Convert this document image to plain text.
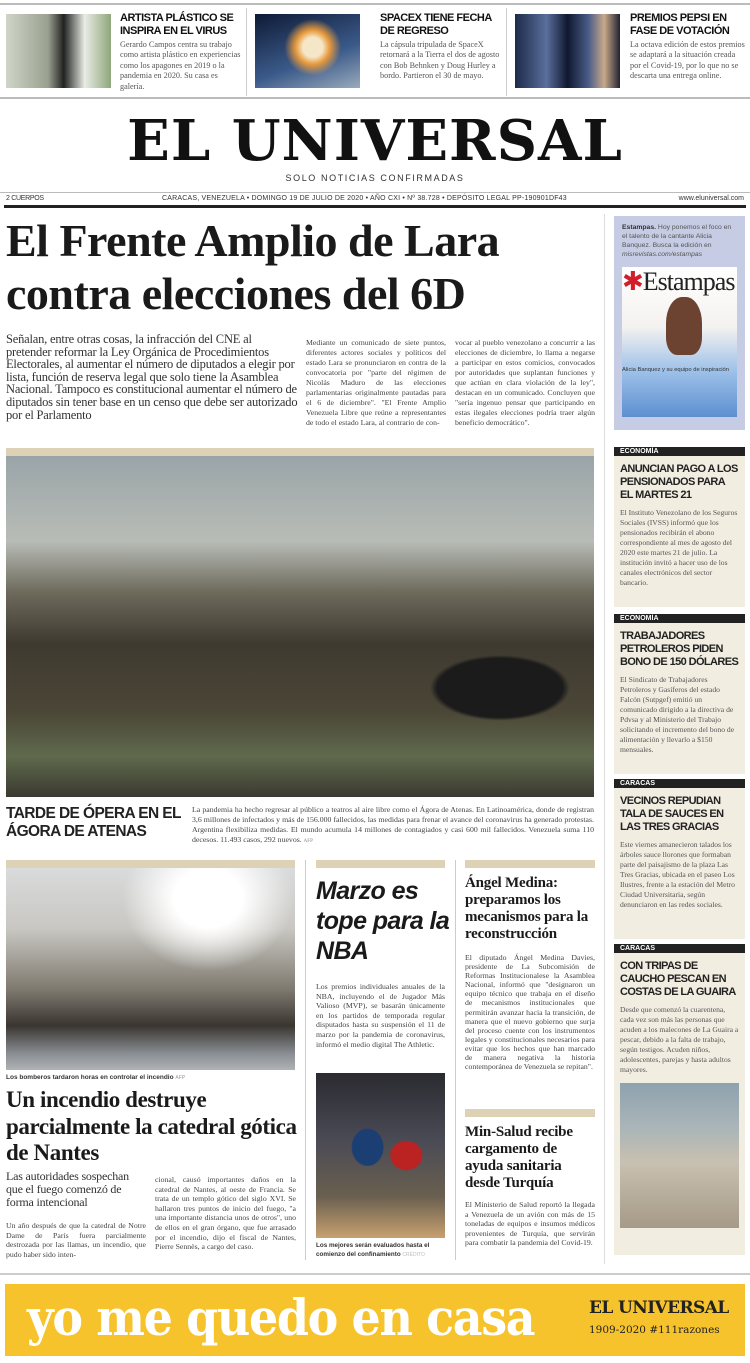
ARTISTA PLÁSTICO SE INSPIRA EN EL VIRUS

Gerardo Campos centra su trabajo como artista plástico en experiencias como los apagones en 2019 o la pandemia en 2020. Su casa es galería.

SPACEX TIENE FECHA DE REGRESO

La cápsula tripulada de SpaceX retornará a la Tierra el dos de agosto con Bob Behnken y Doug Hurley a bordo. Partieron el 30 de mayo.

PREMIOS PEPSI EN FASE DE VOTACIÓN

La octava edición de estos premios se adaptará a la situación creada por el Covid-19, por lo que no se descarta una entrega online.

EL UNIVERSAL
SOLO NOTICIAS CONFIRMADAS
2 CUERPOS	CARACAS, VENEZUELA • DOMINGO 19 DE JULIO DE 2020 • AÑO CXI • Nº 38.728 • DEPÓSITO LEGAL PP-190901DF43	www.eluniversal.com
El Frente Amplio de Lara contra elecciones del 6D

Señalan, entre otras cosas, la infracción del CNE al pretender reformar la Ley Orgánica de Procedimientos Electorales, al aumentar el número de diputados a elegir por lista, función de reserva legal que solo tiene la Asamblea Nacional. Tampoco es constitucional aumentar el número de diputados sin tener base en un censo que debe ser autorizado por el Parlamento

Mediante un comunicado de siete puntos, diferentes actores sociales y políticos del estado Lara se pronunciaron en contra de la convocatoria por "parte del régimen de Nicolás Maduro de las elecciones parlamentarias originalmente pautadas para el 6 de diciembre". "El Frente Amplio Venezuela Libre que reúne a representantes de todo el estado Lara, al contrario de con-

vocar al pueblo venezolano a concurrir a las elecciones de diciembre, lo llama a negarse a participar en estos comicios, convocados por autoridades que suplantan funciones y que actúan en clara violación de la ley", destacan en un comunicado. Concluyen que "sería ingenuo pensar que participando en estas ilegales elecciones podría traer algún beneficio democrático".

TARDE DE ÓPERA EN EL ÁGORA DE ATENAS

La pandemia ha hecho regresar al público a teatros al aire libre como el Ágora de Atenas. En Latinoamérica, donde de registran 3,6 millones de infectados y más de 156.000 fallecidos, las medidas para frenar el avance del coronavirus ha generado protestas. Argentina flexibiliza medidas. El mundo acumula 14 millones de contagiados y casi 600 mil fallecidos. Venezuela suma 110 decesos. 11.493 casos, 292 nuevos. AFP

Los bomberos tardaron horas en controlar el incendio AFP
Un incendio destruye parcialmente la catedral gótica de Nantes

Las autoridades sospechan que el fuego comenzó de forma intencional

Un año después de que la catedral de Notre Dame de París fuera parcialmente destrozada por las llamas, un incendio, que pudo haber sido inten-

cional, causó importantes daños en la catedral de Nantes, al oeste de Francia. Se trata de un templo gótico del siglo XVI. Se hallaron tres puntos de inicio del fuego, "a una importante distancia unos de otros", uno de ellos en el gran órgano, que fue arrasado por el incendio, dijo el fiscal de Nantes, Pierre Sennès, a cargo del caso.

Marzo es tope para la NBA

Los premios individuales anuales de la NBA, incluyendo el de Jugador Más Valioso (MVP), se basarán únicamente en los partidos de temporada regular disputados hasta su suspensión el 11 de marzo por la pandemia de coronavirus, informó el medio digital The Athletic.

Los mejores serán evaluados hasta el comienzo del confinamiento CRÉDITO

Ángel Medina: preparamos los mecanismos para la reconstrucción

El diputado Ángel Medina Davies, presidente de La Subcomisión de Reformas Institucionalese la Asamblea Nacional, informó que "designaron un equipo técnico que trabaja en el diseño de mecanismos institucionales que permitirán avanzar hacia la transición, de manera que el nuevo gobierno que surja del proceso cuente con los instrumentos legales y constitucionales necesarios para evitar que los hechos que han marcado de manera negativa la historia contemporánea de Venezuela se repitan".

Min-Salud recibe cargamento de ayuda sanitaria desde Turquía

El Ministerio de Salud reportó la llegada a Venezuela de un avión con más de 15 toneladas de equipos e insumos médicos provenientes de Turquía, que servirán para combatir la pandemia del Covid-19.

Estampas. Hoy ponemos el foco en el talento de la cantante Alicia Banquez. Busca la edición en misrevistas.com/estampas

✱Estampas
Alicia Banquez y su equipo de inspiración
ECONOMÍA
ANUNCIAN PAGO A LOS PENSIONADOS PARA EL MARTES 21

El Instituto Venezolano de los Seguros Sociales (IVSS) informó que los pensionados recibirán el abono correspondiente al mes de agosto del 2020 este martes 21 de julio. La institución invitó a hacer uso de los canales electrónicos del sector bancario.

ECONOMÍA
TRABAJADORES PETROLEROS PIDEN BONO DE 150 DÓLARES

El Sindicato de Trabajadores Petroleros y Gasíferos del estado Falcón (Sutpgef) emitió un comunicado dirigido a la directiva de Pdvsa y al Ministerio del Trabajo solicitando el incremento del bono de alimentación y llevarlo a $150 mensuales.

CARACAS
VECINOS REPUDIAN TALA DE SAUCES EN LAS TRES GRACIAS

Este viernes amanecieron talados los árboles sauce llorones que formaban parte del paisajismo de la plaza Las Tres Gracias, ubicada en el paseo Los Ilustres, frente a la estación del Metro Ciudad Universitaria, según denunciaron en las redes sociales.

CARACAS
CON TRIPAS DE CAUCHO PESCAN EN COSTAS DE LA GUAIRA

Desde que comenzó la cuarentena, cada vez son más las personas que acuden a los malecones de La Guaira a pescar, debido a la falta de trabajo, según testigos. Acuden niños, adolescentes, parejas y hasta adultos mayores.

yo me quedo en casa	EL UNIVERSAL
1909-2020 #111razones
